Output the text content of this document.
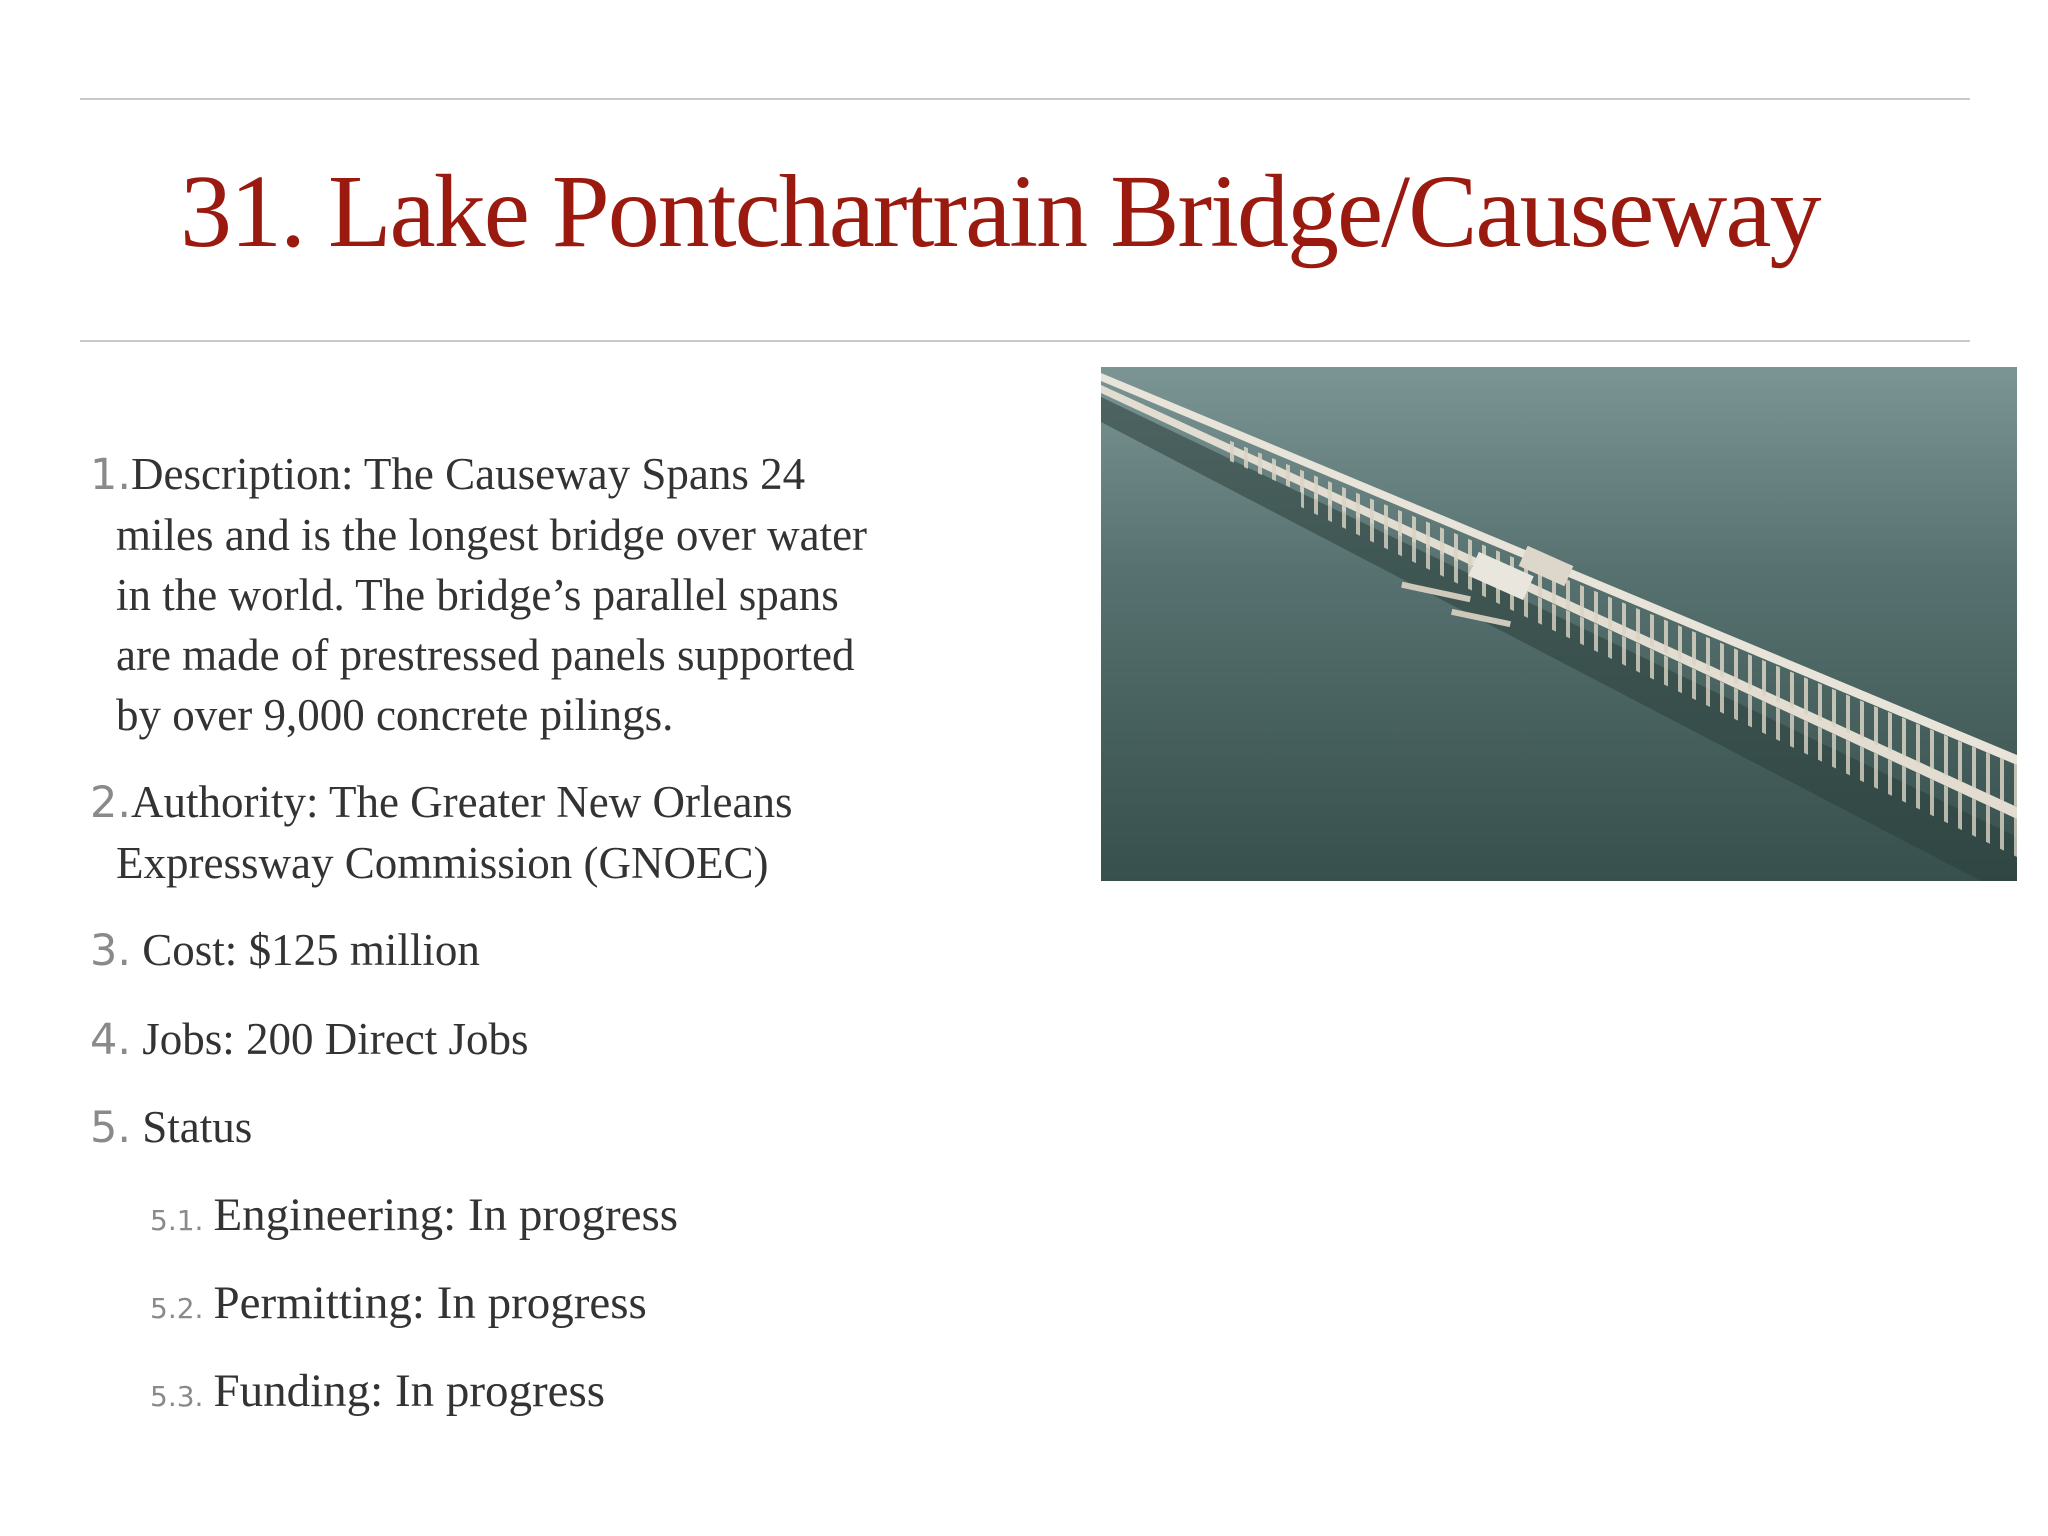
31. Lake Pontchartrain Bridge/Causeway

1.Description: The Causeway Spans 24
miles and is the longest bridge over water
in the world. The bridge’s parallel spans
are made of prestressed panels supported
by over 9,000 concrete pilings.

2.Authority: The Greater New Orleans
Expressway Commission (GNOEC)

3. Cost: $125 million

4. Jobs: 200 Direct Jobs

5. Status

5.1. Engineering: In progress

5.2. Permitting: In progress

5.3. Funding: In progress
